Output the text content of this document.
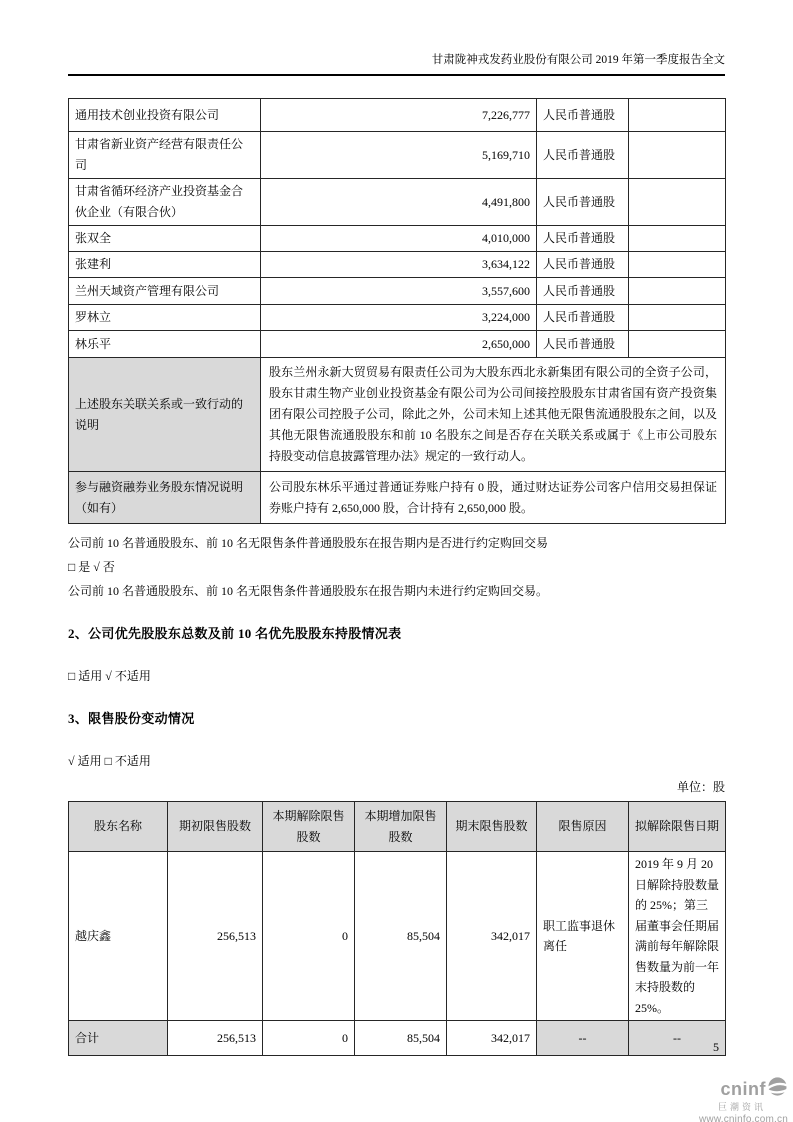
甘肃陇神戎发药业股份有限公司 2019 年第一季度报告全文
通用技术创业投资有限公司	7,226,777	人民币普通股	
甘肃省新业资产经营有限责任公司	5,169,710	人民币普通股	
甘肃省循环经济产业投资基金合伙企业（有限合伙）	4,491,800	人民币普通股	
张双全	4,010,000	人民币普通股	
张建利	3,634,122	人民币普通股	
兰州天域资产管理有限公司	3,557,600	人民币普通股	
罗林立	3,224,000	人民币普通股	
林乐平	2,650,000	人民币普通股	
上述股东关联关系或一致行动的说明	股东兰州永新大贸贸易有限责任公司为大股东西北永新集团有限公司的全资子公司，股东甘肃生物产业创业投资基金有限公司为公司间接控股股东甘肃省国有资产投资集团有限公司控股子公司，除此之外，公司未知上述其他无限售流通股股东之间，以及其他无限售流通股股东和前 10 名股东之间是否存在关联关系或属于《上市公司股东持股变动信息披露管理办法》规定的一致行动人。		
参与融资融券业务股东情况说明（如有）	公司股东林乐平通过普通证券账户持有 0 股，通过财达证券公司客户信用交易担保证券账户持有 2,650,000 股，合计持有 2,650,000 股。		
公司前 10 名普通股股东、前 10 名无限售条件普通股股东在报告期内是否进行约定购回交易
□ 是 √ 否
公司前 10 名普通股股东、前 10 名无限售条件普通股股东在报告期内未进行约定购回交易。
2、公司优先股股东总数及前 10 名优先股股东持股情况表
□ 适用 √ 不适用
3、限售股份变动情况
√ 适用 □ 不适用
单位：股
股东名称	期初限售股数	本期解除限售股数	本期增加限售股数	期末限售股数	限售原因	拟解除限售日期
越庆鑫	256,513	0	85,504	342,017	职工监事退休离任	2019 年 9 月 20 日解除持股数量的 25%；第三届董事会任期届满前每年解除限售数量为前一年末持股数的 25%。
合计	256,513	0	85,504	342,017	--	--
5
cninf
巨潮资讯
www.cninfo.com.cn
